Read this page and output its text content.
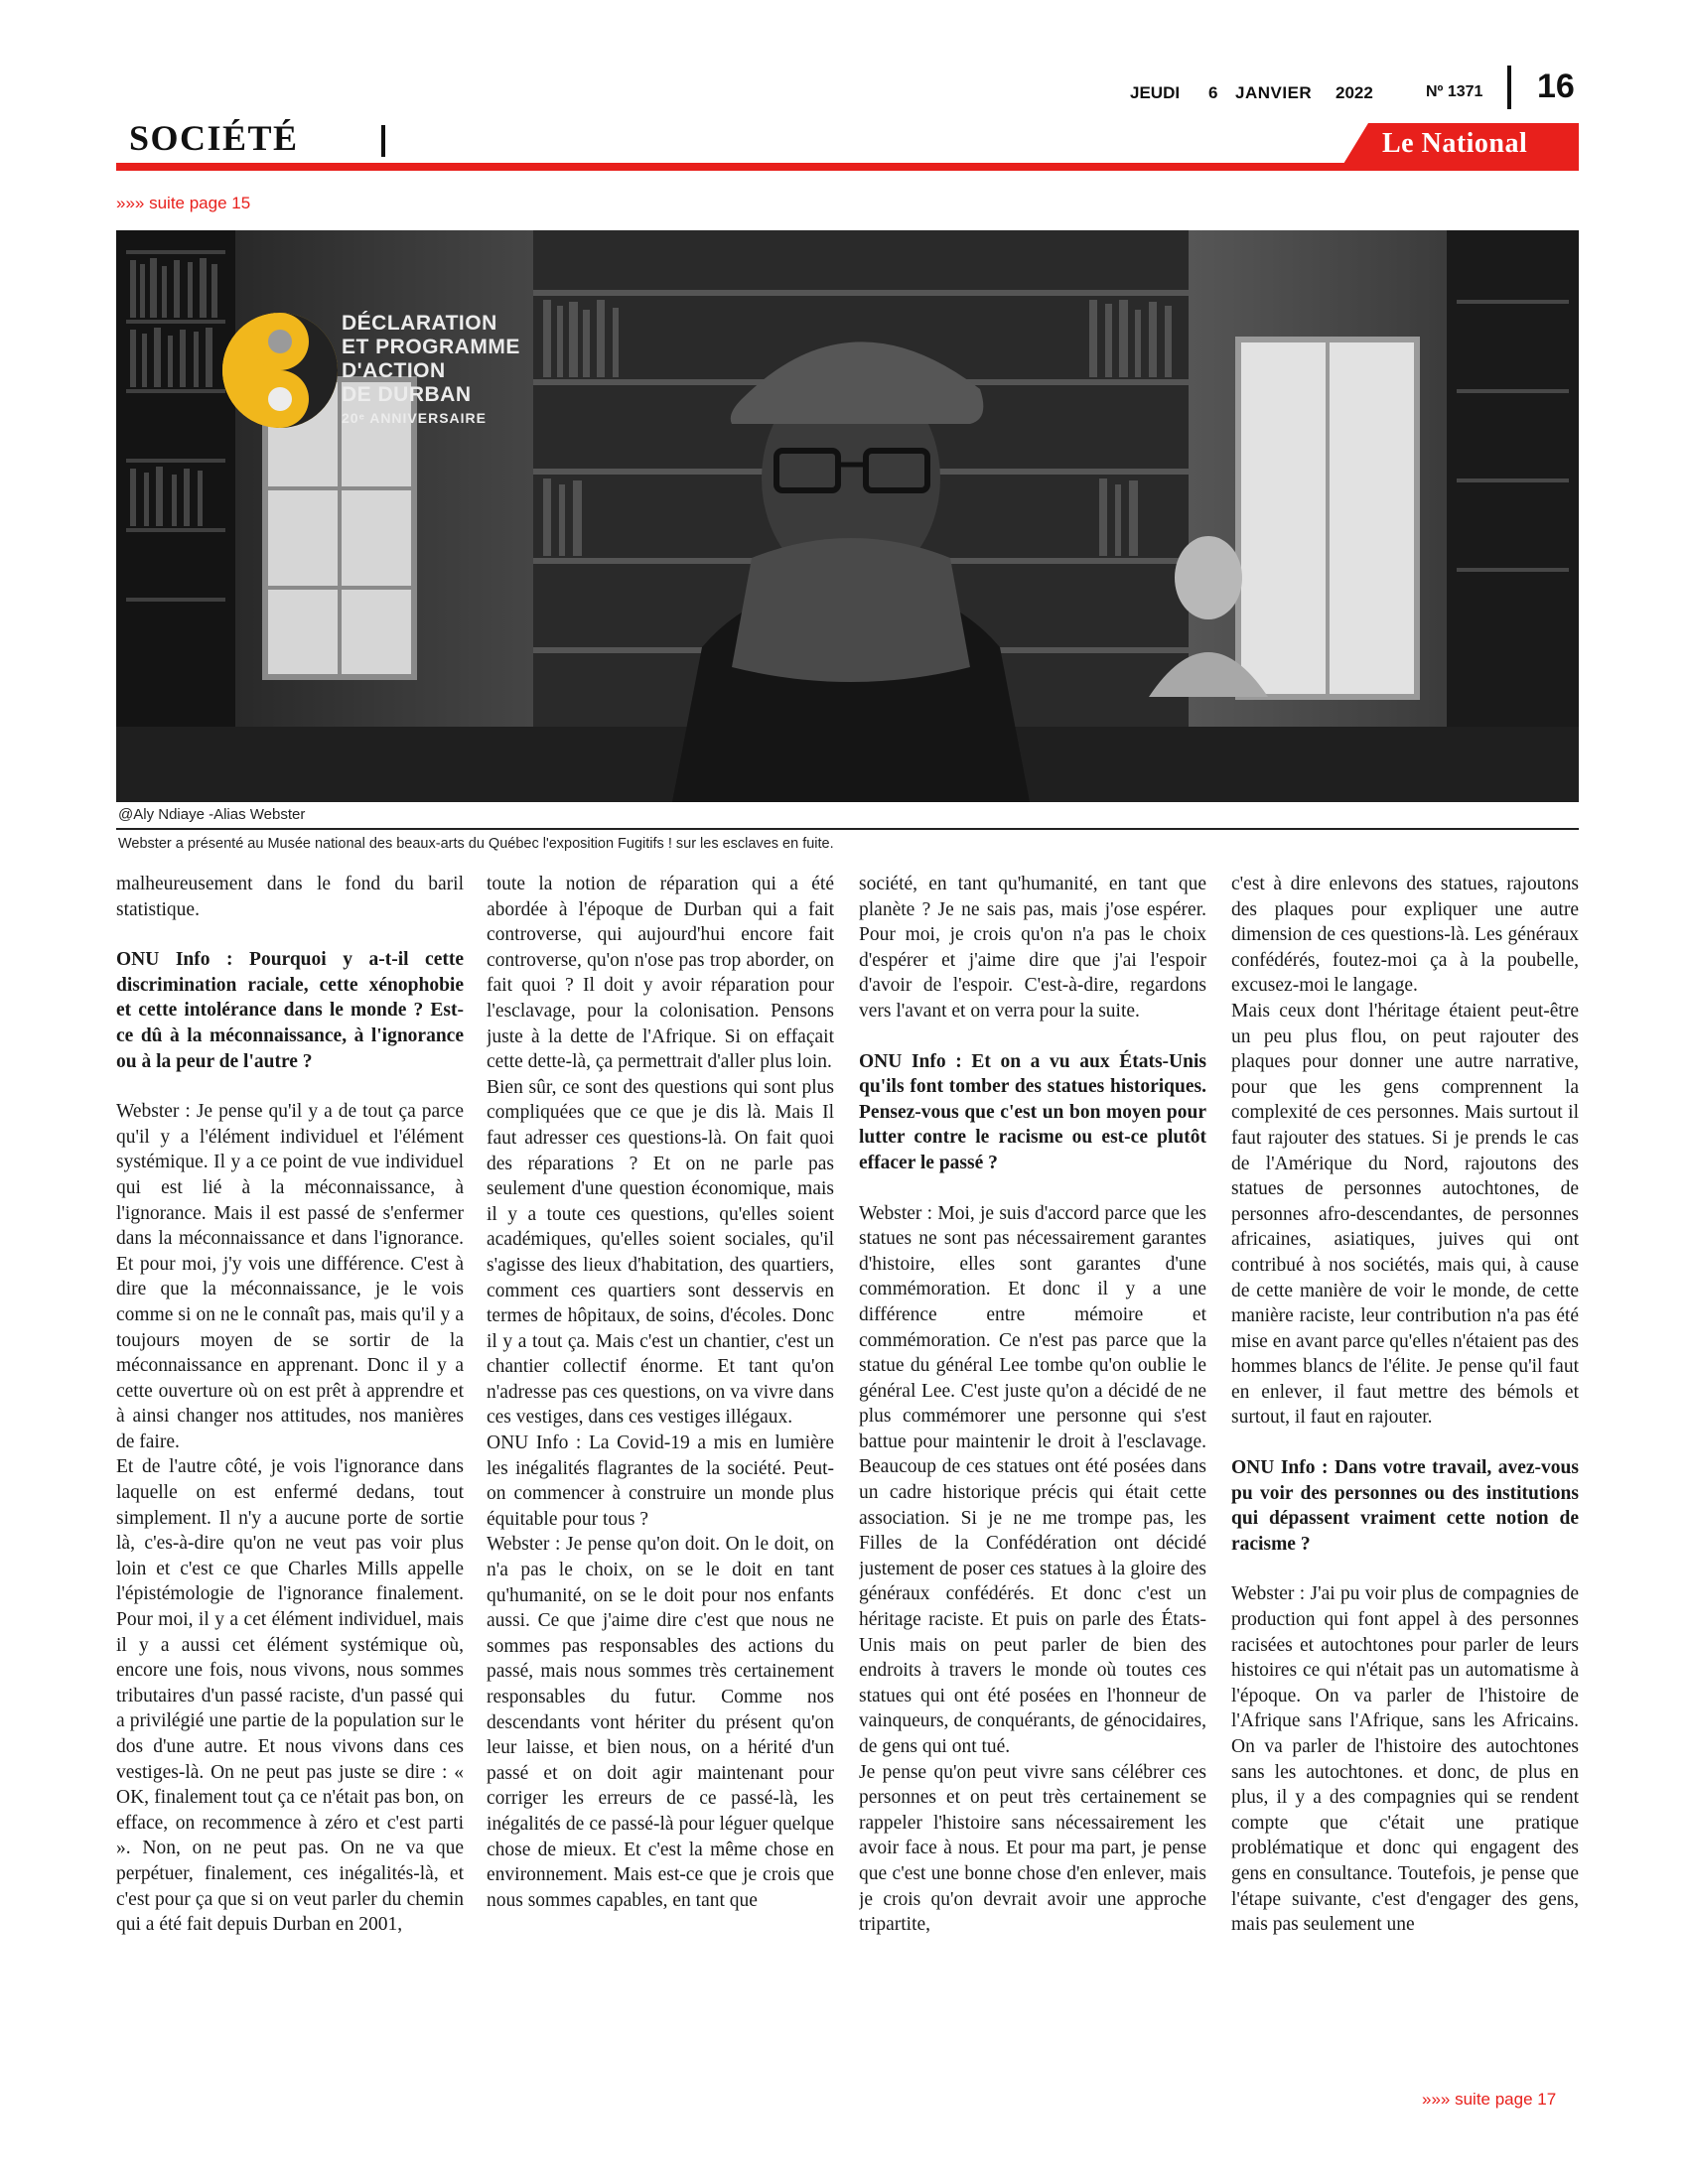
JEUDI 6 JANVIER 2022	Nº 1371 16
SOCIÉTÉ	Le National
»»» suite page 15
DÉCLARATION
ET PROGRAMME
D'ACTION
DE DURBAN
20ᵉ ANNIVERSAIRE
@Aly Ndiaye -Alias Webster
Webster a présenté au Musée national des beaux-arts du Québec l'exposition Fugitifs ! sur les esclaves en fuite.

malheureusement dans le fond du baril statistique.

ONU Info : Pourquoi y a-t-il cette discrimination raciale, cette xénophobie et cette intolérance dans le monde ? Est-ce dû à la méconnaissance, à l'ignorance ou à la peur de l'autre ?

Webster : Je pense qu'il y a de tout ça parce qu'il y a l'élément individuel et l'élément systémique. Il y a ce point de vue individuel qui est lié à la méconnaissance, à l'ignorance. Mais il est passé de s'enfermer dans la méconnaissance et dans l'ignorance. Et pour moi, j'y vois une différence. C'est à dire que la méconnaissance, je le vois comme si on ne le connaît pas, mais qu'il y a toujours moyen de se sortir de la méconnaissance en apprenant. Donc il y a cette ouverture où on est prêt à apprendre et à ainsi changer nos attitudes, nos manières de faire.

Et de l'autre côté, je vois l'ignorance dans laquelle on est enfermé dedans, tout simplement. Il n'y a aucune porte de sortie là, c'es-à-dire qu'on ne veut pas voir plus loin et c'est ce que Charles Mills appelle l'épistémologie de l'ignorance finalement. Pour moi, il y a cet élément individuel, mais il y a aussi cet élément systémique où, encore une fois, nous vivons, nous sommes tributaires d'un passé raciste, d'un passé qui a privilégié une partie de la population sur le dos d'une autre. Et nous vivons dans ces vestiges-là. On ne peut pas juste se dire : « OK, finalement tout ça ce n'était pas bon, on efface, on recommence à zéro et c'est parti ». Non, on ne peut pas. On ne va que perpétuer, finalement, ces inégalités-là, et c'est pour ça que si on veut parler du chemin qui a été fait depuis Durban en 2001,

toute la notion de réparation qui a été abordée à l'époque de Durban qui a fait controverse, qui aujourd'hui encore fait controverse, qu'on n'ose pas trop aborder, on fait quoi ? Il doit y avoir réparation pour l'esclavage, pour la colonisation. Pensons juste à la dette de l'Afrique. Si on effaçait cette dette-là, ça permettrait d'aller plus loin.

Bien sûr, ce sont des questions qui sont plus compliquées que ce que je dis là. Mais Il faut adresser ces questions-là. On fait quoi des réparations ? Et on ne parle pas seulement d'une question économique, mais il y a toute ces questions, qu'elles soient académiques, qu'elles soient sociales, qu'il s'agisse des lieux d'habitation, des quartiers, comment ces quartiers sont desservis en termes de hôpitaux, de soins, d'écoles. Donc il y a tout ça. Mais c'est un chantier, c'est un chantier collectif énorme. Et tant qu'on n'adresse pas ces questions, on va vivre dans ces vestiges, dans ces vestiges illégaux.

ONU Info : La Covid-19 a mis en lumière les inégalités flagrantes de la société. Peut-on commencer à construire un monde plus équitable pour tous ?

Webster : Je pense qu'on doit. On le doit, on n'a pas le choix, on se le doit en tant qu'humanité, on se le doit pour nos enfants aussi. Ce que j'aime dire c'est que nous ne sommes pas responsables des actions du passé, mais nous sommes très certainement responsables du futur. Comme nos descendants vont hériter du présent qu'on leur laisse, et bien nous, on a hérité d'un passé et on doit agir maintenant pour corriger les erreurs de ce passé-là, les inégalités de ce passé-là pour léguer quelque chose de mieux. Et c'est la même chose en environnement. Mais est-ce que je crois que nous sommes capables, en tant que

société, en tant qu'humanité, en tant que planète ? Je ne sais pas, mais j'ose espérer. Pour moi, je crois qu'on n'a pas le choix d'espérer et j'aime dire que j'ai l'espoir d'avoir de l'espoir. C'est-à-dire, regardons vers l'avant et on verra pour la suite.

ONU Info : Et on a vu aux États-Unis qu'ils font tomber des statues historiques. Pensez-vous que c'est un bon moyen pour lutter contre le racisme ou est-ce plutôt effacer le passé ?

Webster : Moi, je suis d'accord parce que les statues ne sont pas nécessairement garantes d'histoire, elles sont garantes d'une commémoration. Et donc il y a une différence entre mémoire et commémoration. Ce n'est pas parce que la statue du général Lee tombe qu'on oublie le général Lee. C'est juste qu'on a décidé de ne plus commémorer une personne qui s'est battue pour maintenir le droit à l'esclavage. Beaucoup de ces statues ont été posées dans un cadre historique précis qui était cette association. Si je ne me trompe pas, les Filles de la Confédération ont décidé justement de poser ces statues à la gloire des généraux confédérés. Et donc c'est un héritage raciste. Et puis on parle des États-Unis mais on peut parler de bien des endroits à travers le monde où toutes ces statues qui ont été posées en l'honneur de vainqueurs, de conquérants, de génocidaires, de gens qui ont tué.

Je pense qu'on peut vivre sans célébrer ces personnes et on peut très certainement se rappeler l'histoire sans nécessairement les avoir face à nous. Et pour ma part, je pense que c'est une bonne chose d'en enlever, mais je crois qu'on devrait avoir une approche tripartite,

c'est à dire enlevons des statues, rajoutons des plaques pour expliquer une autre dimension de ces questions-là. Les généraux confédérés, foutez-moi ça à la poubelle, excusez-moi le langage.

Mais ceux dont l'héritage étaient peut-être un peu plus flou, on peut rajouter des plaques pour donner une autre narrative, pour que les gens comprennent la complexité de ces personnes. Mais surtout il faut rajouter des statues. Si je prends le cas de l'Amérique du Nord, rajoutons des statues de personnes autochtones, de personnes afro-descendantes, de personnes africaines, asiatiques, juives qui ont contribué à nos sociétés, mais qui, à cause de cette manière de voir le monde, de cette manière raciste, leur contribution n'a pas été mise en avant parce qu'elles n'étaient pas des hommes blancs de l'élite. Je pense qu'il faut en enlever, il faut mettre des bémols et surtout, il faut en rajouter.

ONU Info : Dans votre travail, avez-vous pu voir des personnes ou des institutions qui dépassent vraiment cette notion de racisme ?

Webster : J'ai pu voir plus de compagnies de production qui font appel à des personnes racisées et autochtones pour parler de leurs histoires ce qui n'était pas un automatisme à l'époque. On va parler de l'histoire de l'Afrique sans l'Afrique, sans les Africains. On va parler de l'histoire des autochtones sans les autochtones. et donc, de plus en plus, il y a des compagnies qui se rendent compte que c'était une pratique problématique et donc qui engagent des gens en consultance. Toutefois, je pense que l'étape suivante, c'est d'engager des gens, mais pas seulement une

»»» suite page 17
